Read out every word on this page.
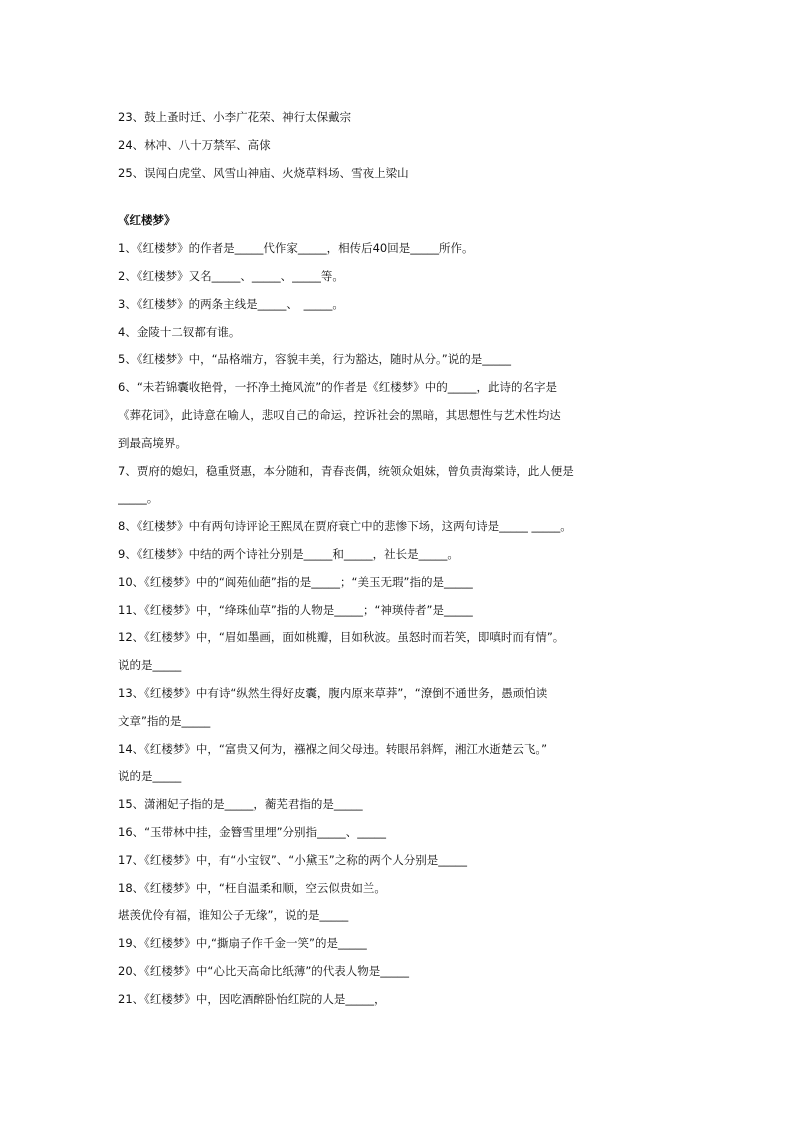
23、鼓上蚤时迁、小李广花荣、神行太保戴宗
24、林冲、八十万禁军、高俅
25、误闯白虎堂、风雪山神庙、火烧草料场、雪夜上梁山
《红楼梦》
1、《红楼梦》的作者是_____代作家_____，相传后40回是_____所作。
2、《红楼梦》又名_____、_____、_____等。
3、《红楼梦》的两条主线是_____、　_____。
4、金陵十二钗都有谁。
5、《红楼梦》中，“品格端方，容貌丰美，行为豁达，随时从分。”说的是_____
6、“未若锦囊收艳骨，一抔净土掩风流”的作者是《红楼梦》中的_____，此诗的名字是
《葬花词》，此诗意在喻人，悲叹自己的命运，控诉社会的黑暗，其思想性与艺术性均达
到最高境界。
7、贾府的媳妇，稳重贤惠，本分随和，青春丧偶，统领众姐妹，曾负责海棠诗，此人便是
_____。
8、《红楼梦》中有两句诗评论王熙凤在贾府衰亡中的悲惨下场，这两句诗是_____ _____。
9、《红楼梦》中结的两个诗社分别是_____和_____，社长是_____。
10、《红楼梦》中的“阆苑仙葩”指的是_____；“美玉无瑕”指的是_____
11、《红楼梦》中，“绛珠仙草”指的人物是_____；“神瑛侍者”是_____
12、《红楼梦》中，“眉如墨画，面如桃瓣，目如秋波。虽怒时而若笑，即嗔时而有情”。
说的是_____
13、《红楼梦》中有诗“纵然生得好皮囊，腹内原来草莽”，“潦倒不通世务，愚顽怕读
文章”指的是_____
14、《红楼梦》中，“富贵又何为，襁褓之间父母违。转眼吊斜辉，湘江水逝楚云飞。”
说的是_____
15、潇湘妃子指的是_____，蘅芜君指的是_____
16、“玉带林中挂，金簪雪里埋”分别指_____、_____
17、《红楼梦》中，有“小宝钗”、“小黛玉”之称的两个人分别是_____
18、《红楼梦》中，“枉自温柔和顺，空云似贵如兰。
堪羡优伶有福，谁知公子无缘”，说的是_____
19、《红楼梦》中,“撕扇子作千金一笑”的是_____
20、《红楼梦》中“心比天高命比纸薄”的代表人物是_____
21、《红楼梦》中，因吃酒醉卧怡红院的人是_____，
